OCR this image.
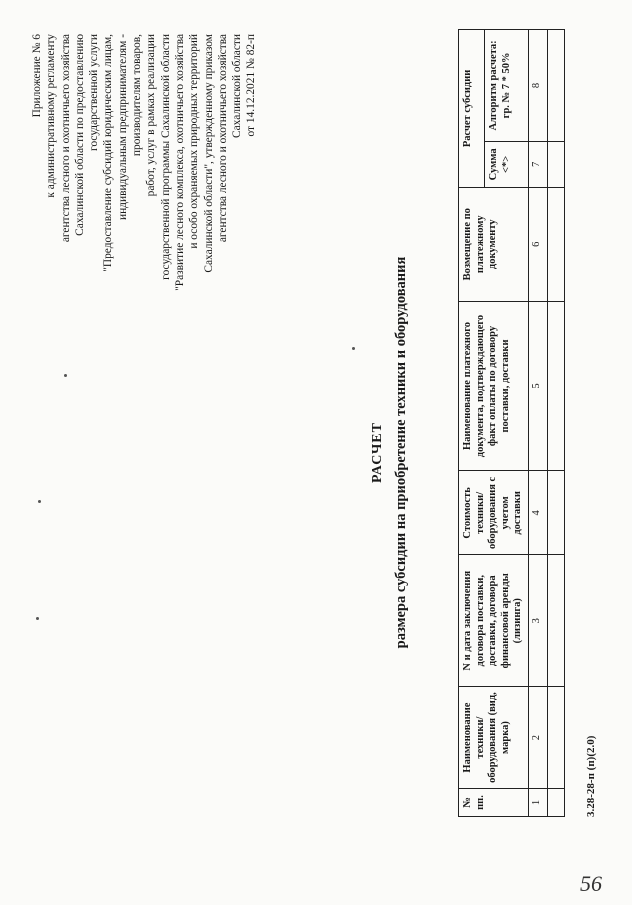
Приложение № 6 к административному регламенту агентства лесного и охотничьего хозяйства Сахалинской области по предоставлению государственной услуги "Предоставление субсидий юридическим лицам, индивидуальным предпринимателям - производителям товаров, работ, услуг в рамках реализации государственной программы Сахалинской области "Развитие лесного комплекса, охотничьего хозяйства и особо охраняемых природных территорий Сахалинской области", утвержденному приказом агентства лесного и охотничьего хозяйства Сахалинской области от 14.12.2021 № 82-п
РАСЧЕТ размера субсидии на приобретение техники и оборудования
№ пп.	Наименование техники/оборудования (вид, марка)	N и дата заключения договора поставки, доставки, договора финансовой аренды (лизинга)	Стоимость техники/оборудования с учетом доставки	Наименование платежного документа, подтверждающего факт оплаты по договору поставки, доставки	Возмещение по платежному документу	Расчет субсидии	
						Сумма <*>	Алгоритм расчета: гр. № 7 * 50%
1	2	3	4	5	6	7	8

3.28-28-п (п)(2.0)
56
